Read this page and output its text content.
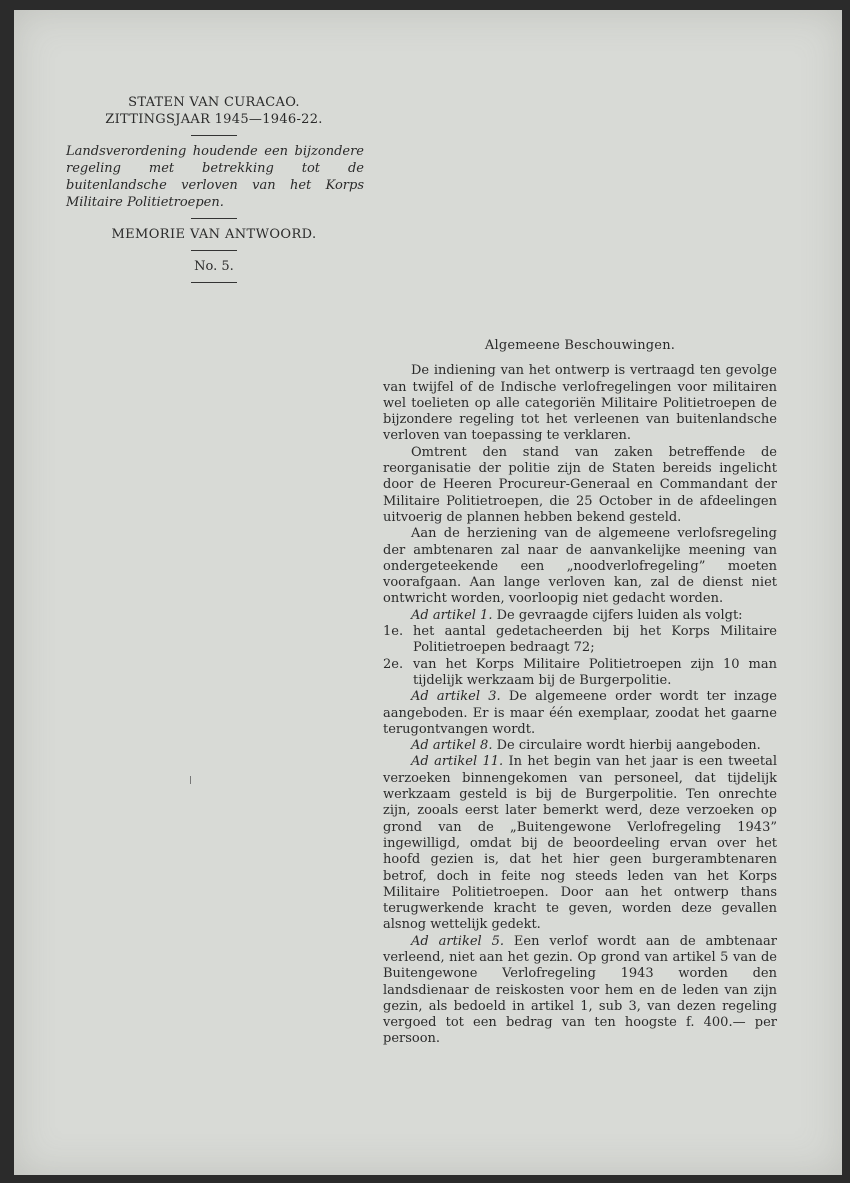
STATEN VAN CURACAO.
ZITTINGSJAAR 1945—1946-22.

Landsverordening houdende een bijzondere regeling met betrekking tot de buitenlandsche verloven van het Korps Militaire Politietroepen.

MEMORIE VAN ANTWOORD.
No. 5.
Algemeene Beschouwingen.

De indiening van het ontwerp is vertraagd ten gevolge van twijfel of de Indische verlofregelingen voor militairen wel toelieten op alle categoriën Militaire Politietroepen de bijzondere regeling tot het verleenen van buitenlandsche verloven van toepassing te verklaren.

Omtrent den stand van zaken betreffende de reorganisatie der politie zijn de Staten bereids ingelicht door de Heeren Procureur-Generaal en Commandant der Militaire Politietroepen, die 25 October in de afdeelingen uitvoerig de plannen hebben bekend gesteld.

Aan de herziening van de algemeene verlofsregeling der ambtenaren zal naar de aanvankelijke meening van ondergeteekende een „noodverlofregeling” moeten voorafgaan. Aan lange verloven kan, zal de dienst niet ontwricht worden, voorloopig niet gedacht worden.

Ad artikel 1. De gevraagde cijfers luiden als volgt:

1e. het aantal gedetacheerden bij het Korps Militaire Politietroepen bedraagt 72;
2e. van het Korps Militaire Politietroepen zijn 10 man tijdelijk werkzaam bij de Burgerpolitie.

Ad artikel 3. De algemeene order wordt ter inzage aangeboden. Er is maar één exemplaar, zoodat het gaarne terugontvangen wordt.

Ad artikel 8. De circulaire wordt hierbij aangeboden.

Ad artikel 11. In het begin van het jaar is een tweetal verzoeken binnengekomen van personeel, dat tijdelijk werkzaam gesteld is bij de Burgerpolitie. Ten onrechte zijn, zooals eerst later bemerkt werd, deze verzoeken op grond van de „Buitengewone Verlofregeling 1943” ingewilligd, omdat bij de beoordeeling ervan over het hoofd gezien is, dat het hier geen burgerambtenaren betrof, doch in feite nog steeds leden van het Korps Militaire Politietroepen. Door aan het ontwerp thans terugwerkende kracht te geven, worden deze gevallen alsnog wettelijk gedekt.

Ad artikel 5. Een verlof wordt aan de ambtenaar verleend, niet aan het gezin. Op grond van artikel 5 van de Buitengewone Verlofregeling 1943 worden den landsdienaar de reiskosten voor hem en de leden van zijn gezin, als bedoeld in artikel 1, sub 3, van dezen regeling vergoed tot een bedrag van ten hoogste f. 400.— per persoon.
